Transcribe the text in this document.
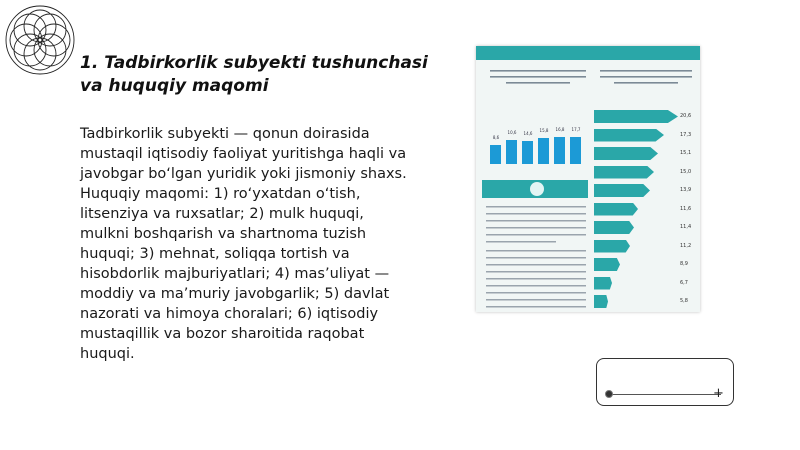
1. Tadbirkorlik subyekti tushunchasi va huquqiy maqomi

Tadbirkorlik subyekti — qonun doirasida mustaqil iqtisodiy faoliyat yuritishga haqli va javobgar bo‘lgan yuridik yoki jismoniy shaxs. Huquqiy maqomi: 1) ro‘yxatdan o‘tish, litsenziya va ruxsatlar; 2) mulk huquqi, mulkni boshqarish va shartnoma tuzish huquqi; 3) mehnat, soliqqa tortish va hisobdorlik majburiyatlari; 4) mas’uliyat — moddiy va ma’muriy javobgarlik; 5) davlat nazorati va himoya choralari; 6) iqtisodiy mustaqillik va bozor sharoitida raqobat huquqi.

8,6
10,6	14,6
15,8	16,8	17,7
20,6
17,3
15,1
15,0
13,9
11,6
11,4
11,2
8,9
6,7
5,8
+
